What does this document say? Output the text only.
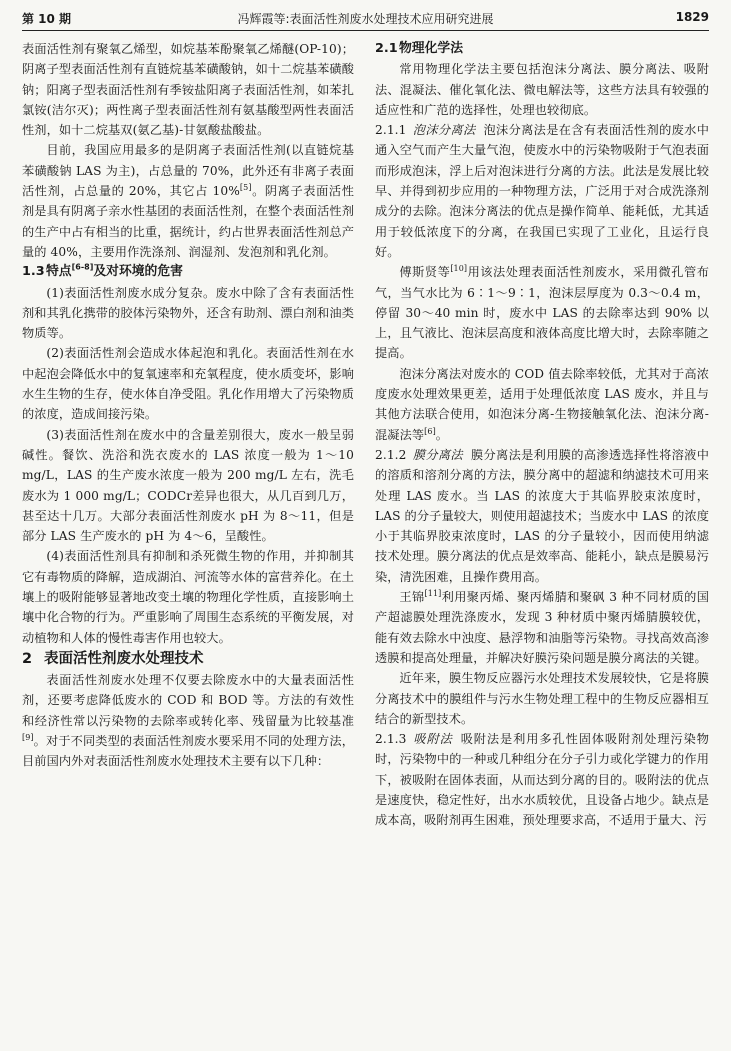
第 10 期	冯辉霞等:表面活性剂废水处理技术应用研究进展	1829

表面活性剂有聚氧乙烯型，如烷基苯酚聚氧乙烯醚(OP-10)；阴离子型表面活性剂有直链烷基苯磺酸钠，如十二烷基苯磺酸钠；阳离子型表面活性剂有季铵盐阳离子表面活性剂，如苯扎氯铵(洁尔灭)；两性离子型表面活性剂有氨基酸型两性表面活性剂，如十二烷基双(氨乙基)-甘氨酸盐酸盐。

目前，我国应用最多的是阴离子表面活性剂(以直链烷基苯磺酸钠 LAS 为主)，占总量的 70%，此外还有非离子表面活性剂，占总量的 20%，其它占 10%[5]。阴离子表面活性剂是具有阴离子亲水性基团的表面活性剂，在整个表面活性剂的生产中占有相当的比重，据统计，约占世界表面活性剂总产量的 40%，主要用作洗涤剂、润湿剂、发泡剂和乳化剂。

1.3特点[6-8]及对环境的危害

(1)表面活性剂废水成分复杂。废水中除了含有表面活性剂和其乳化携带的胶体污染物外，还含有助剂、漂白剂和油类物质等。

(2)表面活性剂会造成水体起泡和乳化。表面活性剂在水中起泡会降低水中的复氧速率和充氧程度，使水质变坏，影响水生生物的生存，使水体自净受阻。乳化作用增大了污染物质的浓度，造成间接污染。

(3)表面活性剂在废水中的含量差别很大，废水一般呈弱碱性。餐饮、洗浴和洗衣废水的 LAS 浓度一般为 1～10 mg/L，LAS 的生产废水浓度一般为 200 mg/L 左右，洗毛废水为 1 000 mg/L；CODCr差异也很大，从几百到几万，甚至达十几万。大部分表面活性剂废水 pH 为 8～11，但是部分 LAS 生产废水的 pH 为 4～6，呈酸性。

(4)表面活性剂具有抑制和杀死微生物的作用，并抑制其它有毒物质的降解，造成湖泊、河流等水体的富营养化。在土壤上的吸附能够显著地改变土壤的物理化学性质，直接影响土壤中化合物的行为。严重影响了周围生态系统的平衡发展，对动植物和人体的慢性毒害作用也较大。

2 表面活性剂废水处理技术

表面活性剂废水处理不仅要去除废水中的大量表面活性剂，还要考虑降低废水的 COD 和 BOD 等。方法的有效性和经济性常以污染物的去除率或转化率、残留量为比较基准[9]。对于不同类型的表面活性剂废水要采用不同的处理方法，目前国内外对表面活性剂废水处理技术主要有以下几种：

2.1物理化学法

常用物理化学法主要包括泡沫分离法、膜分离法、吸附法、混凝法、催化氧化法、微电解法等，这些方法具有较强的适应性和广范的选择性，处理也较彻底。

2.1.1 泡沫分离法 泡沫分离法是在含有表面活性剂的废水中通入空气而产生大量气泡，使废水中的污染物吸附于气泡表面而形成泡沫，浮上后对泡沫进行分离的方法。此法是发展比较早、并得到初步应用的一种物理方法，广泛用于对合成洗涤剂成分的去除。泡沫分离法的优点是操作简单、能耗低，尤其适用于较低浓度下的分离，在我国已实现了工业化，且运行良好。

傅斯贤等[10]用该法处理表面活性剂废水，采用微孔管布气，当气水比为 6∶1～9∶1，泡沫层厚度为 0.3～0.4 m，停留 30～40 min 时，废水中 LAS 的去除率达到 90% 以上，且气液比、泡沫层高度和液体高度比增大时，去除率随之提高。

泡沫分离法对废水的 COD 值去除率较低，尤其对于高浓度废水处理效果更差，适用于处理低浓度 LAS 废水，并且与其他方法联合使用，如泡沫分离-生物接触氧化法、泡沫分离-混凝法等[6]。

2.1.2 膜分离法 膜分离法是利用膜的高渗透选择性将溶液中的溶质和溶剂分离的方法，膜分离中的超滤和纳滤技术可用来处理 LAS 废水。当 LAS 的浓度大于其临界胶束浓度时，LAS 的分子量较大，则使用超滤技术；当废水中 LAS 的浓度小于其临界胶束浓度时，LAS 的分子量较小，因而使用纳滤技术处理。膜分离法的优点是效率高、能耗小，缺点是膜易污染，清洗困难，且操作费用高。

王锦[11]利用聚丙烯、聚丙烯腈和聚砜 3 种不同材质的国产超滤膜处理洗涤废水，发现 3 种材质中聚丙烯腈膜较优，能有效去除水中浊度、悬浮物和油脂等污染物。寻找高效高渗透膜和提高处理量，并解决好膜污染问题是膜分离法的关键。

近年来，膜生物反应器污水处理技术发展较快，它是将膜分离技术中的膜组件与污水生物处理工程中的生物反应器相互结合的新型技术。

2.1.3 吸附法 吸附法是利用多孔性固体吸附剂处理污染物时，污染物中的一种或几种组分在分子引力或化学键力的作用下，被吸附在固体表面，从而达到分离的目的。吸附法的优点是速度快，稳定性好，出水水质较优，且设备占地少。缺点是成本高，吸附剂再生困难，预处理要求高，不适用于量大、污
